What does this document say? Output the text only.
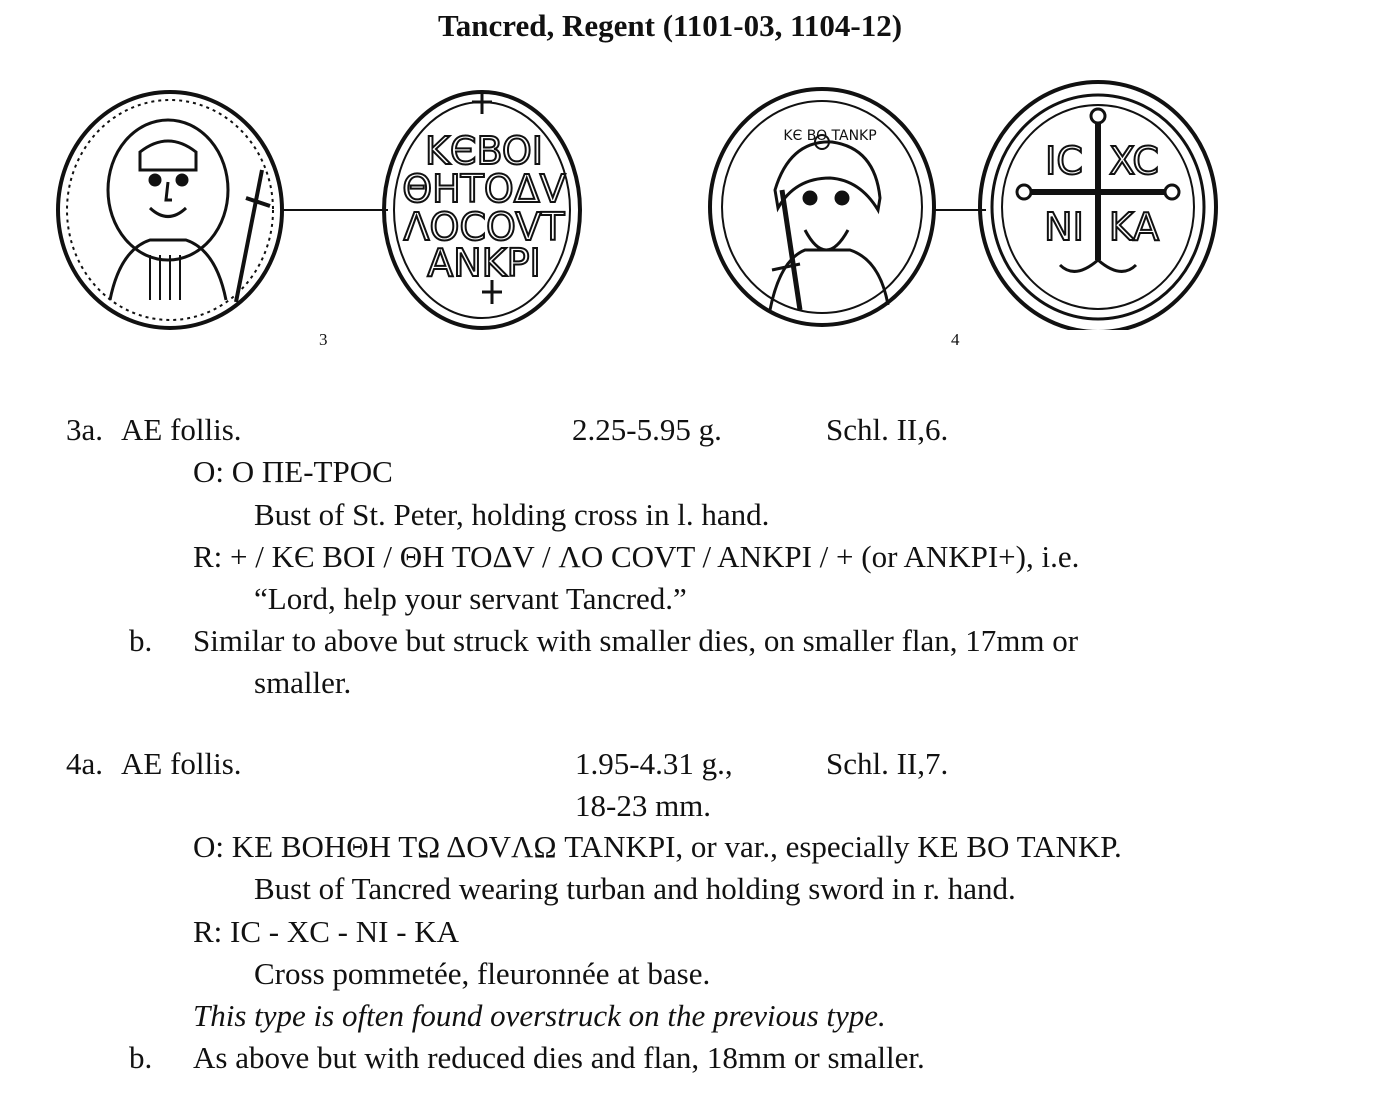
Tancred, Regent (1101-03, 1104-12)
KЄBOI
ΘHTOΔV
ΛOCOVT
ANKPI
IC XC
NI KA
KЄ BO TANKP
3	4
3a. AE follis.	2.25-5.95 g.	Schl. II,6.
O: O ΠΕ-TPOC
Bust of St. Peter, holding cross in l. hand.
R: + / KЄ BOI / ΘH TOΔV / ΛO COVT / ANKPI / + (or ANKPI+), i.e.
“Lord, help your servant Tancred.”
b. Similar to above but struck with smaller dies, on smaller flan, 17mm or
smaller.
4a. AE follis.	1.95-4.31 g.,	Schl. II,7.
18-23 mm.
O: KE BOHΘH TΩ ΔOVΛΩ TANKPI, or var., especially KE BO TANKP.
Bust of Tancred wearing turban and holding sword in r. hand.
R: IC - XC - NI - KA
Cross pommetée, fleuronnée at base.
This type is often found overstruck on the previous type.
b. As above but with reduced dies and flan, 18mm or smaller.
